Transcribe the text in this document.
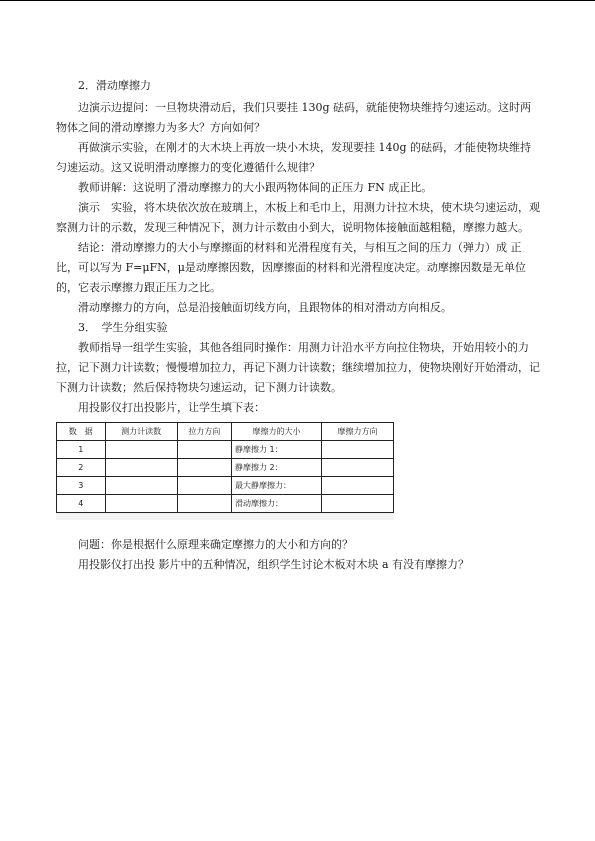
2．滑动摩擦力

边演示边提问：一旦物块滑动后，我们只要挂 130g 砝码，就能使物块维持匀速运动。这时两物体之间的滑动摩擦力为多大？方向如何？

再做演示实验，在刚才的大木块上再放一块小木块，发现要挂 140g 的砝码，才能使物块维持匀速运动。这又说明滑动摩擦力的变化遵循什么规律？

教师讲解：这说明了滑动摩擦力的大小跟两物体间的正压力 FN 成正比。

演示　实验，将木块依次放在玻璃上，木板上和毛巾上，用测力计拉木块，使木块匀速运动，观察测力计的示数，发现三种情况下，测力计示数由小到大，说明物体接触面越粗糙，摩擦力越大。

结论：滑动摩擦力的大小与摩擦面的材料和光滑程度有关，与相互之间的压力（弹力）成 正比，可以写为 F=μFN，μ是动摩擦因数，因摩擦面的材料和光滑程度决定。动摩擦因数是无单位的，它表示摩擦力跟正压力之比。

滑动摩擦力的方向，总是沿接触面切线方向，且跟物体的相对滑动方向相反。

3．　学生分组实验

教师指导一组学生实验，其他各组同时操作：用测力计沿水平方向拉住物块，开始用较小的力拉，记下测力计读数；慢慢增加拉力，再记下测力计读数；继续增加拉力，使物块刚好开始滑动，记下测力计读数；然后保持物块匀速运动，记下测力计读数。

用投影仪打出投影片，让学生填下表：

数　据	测力计读数	拉力方向	摩擦力的大小	摩擦力方向
1			静摩擦力 1：	
2			静摩擦力 2：	
3			最大静摩擦力：	
4			滑动摩擦力：	

问题：你是根据什么原理来确定摩擦力的大小和方向的？

用投影仪打出投 影片中的五种情况，组织学生讨论木板对木块 a 有没有摩擦力？
